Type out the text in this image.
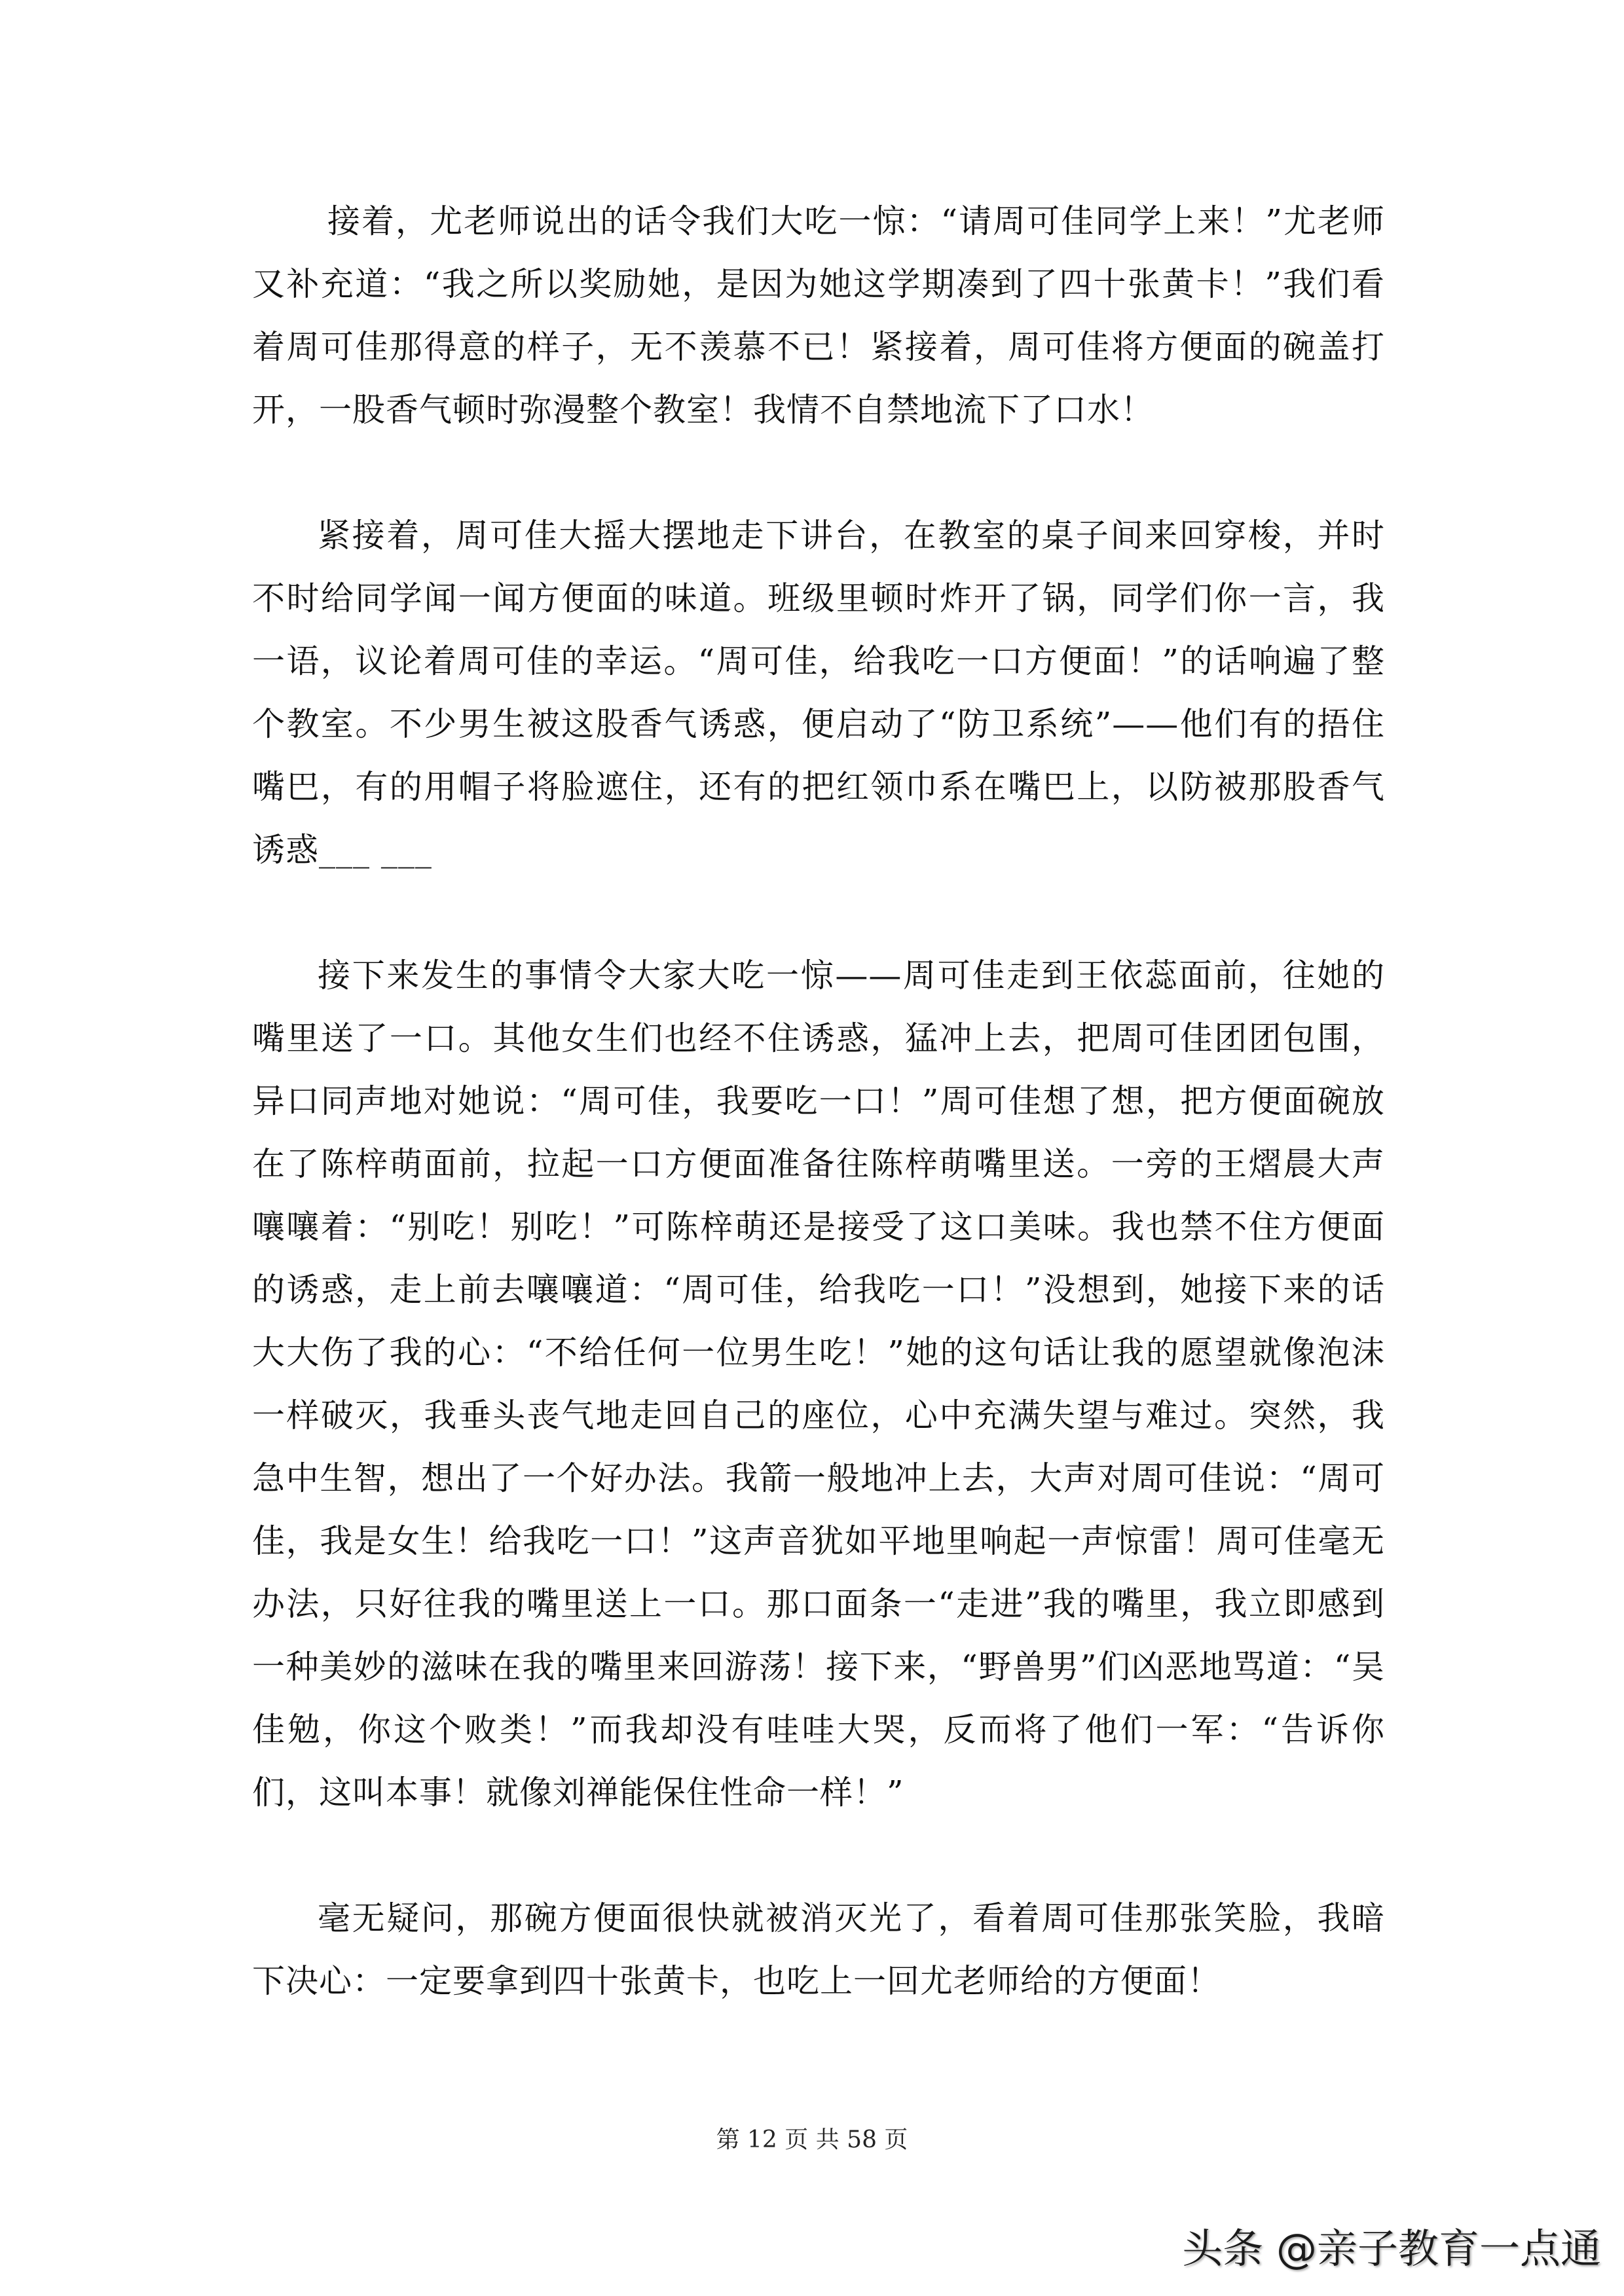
接着，尤老师说出的话令我们大吃一惊：“请周可佳同学上来！”尤老师又补充道：“我之所以奖励她，是因为她这学期凑到了四十张黄卡！”我们看着周可佳那得意的样子，无不羡慕不已！紧接着，周可佳将方便面的碗盖打开，一股香气顿时弥漫整个教室！我情不自禁地流下了口水！

紧接着，周可佳大摇大摆地走下讲台，在教室的桌子间来回穿梭，并时不时给同学闻一闻方便面的味道。班级里顿时炸开了锅，同学们你一言，我一语，议论着周可佳的幸运。“周可佳，给我吃一口方便面！”的话响遍了整个教室。不少男生被这股香气诱惑，便启动了“防卫系统”——他们有的捂住嘴巴，有的用帽子将脸遮住，还有的把红领巾系在嘴巴上，以防被那股香气诱惑___ ___

接下来发生的事情令大家大吃一惊——周可佳走到王依蕊面前，往她的嘴里送了一口。其他女生们也经不住诱惑，猛冲上去，把周可佳团团包围，异口同声地对她说：“周可佳，我要吃一口！”周可佳想了想，把方便面碗放在了陈梓萌面前，拉起一口方便面准备往陈梓萌嘴里送。一旁的王熠晨大声嚷嚷着：“别吃！别吃！”可陈梓萌还是接受了这口美味。我也禁不住方便面的诱惑，走上前去嚷嚷道：“周可佳，给我吃一口！”没想到，她接下来的话大大伤了我的心：“不给任何一位男生吃！”她的这句话让我的愿望就像泡沫一样破灭，我垂头丧气地走回自己的座位，心中充满失望与难过。突然，我急中生智，想出了一个好办法。我箭一般地冲上去，大声对周可佳说：“周可佳，我是女生！给我吃一口！”这声音犹如平地里响起一声惊雷！周可佳毫无办法，只好往我的嘴里送上一口。那口面条一“走进”我的嘴里，我立即感到一种美妙的滋味在我的嘴里来回游荡！接下来，“野兽男”们凶恶地骂道：“吴佳勉，你这个败类！”而我却没有哇哇大哭，反而将了他们一军：“告诉你们，这叫本事！就像刘禅能保住性命一样！”

毫无疑问，那碗方便面很快就被消灭光了，看着周可佳那张笑脸，我暗下决心：一定要拿到四十张黄卡，也吃上一回尤老师给的方便面！

第 12 页 共 58 页
头条 @亲子教育一点通
